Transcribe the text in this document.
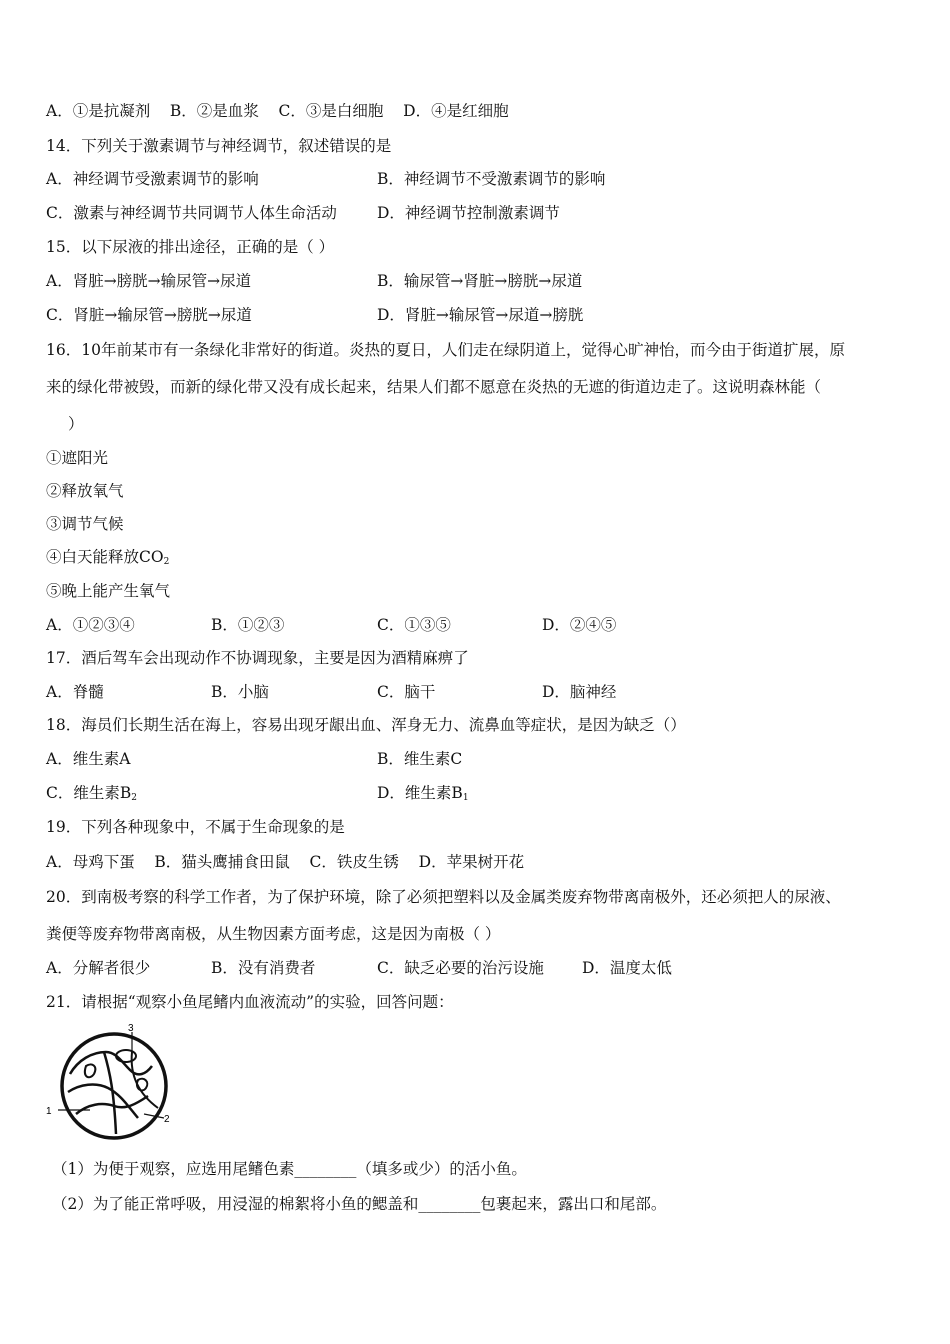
A．①是抗凝剂 B．②是血浆 C．③是白细胞 D．④是红细胞
14．下列关于激素调节与神经调节，叙述错误的是
A．神经调节受激素调节的影响	B．神经调节不受激素调节的影响
C．激素与神经调节共同调节人体生命活动	D．神经调节控制激素调节
15．以下尿液的排出途径，正确的是（ ）
A．肾脏→膀胱→输尿管→尿道	B．输尿管→肾脏→膀胱→尿道
C．肾脏→输尿管→膀胱→尿道	D．肾脏→输尿管→尿道→膀胱
16．10年前某市有一条绿化非常好的街道。炎热的夏日，人们走在绿阴道上，觉得心旷神怡，而今由于街道扩展，原
来的绿化带被毁，而新的绿化带又没有成长起来，结果人们都不愿意在炎热的无遮的街道边走了。这说明森林能（
）
①遮阳光
②释放氧气
③调节气候
④白天能释放$CO_2$
⑤晚上能产生氧气
A．①②③④	B．①②③	C．①③⑤	D．②④⑤
17．酒后驾车会出现动作不协调现象，主要是因为酒精麻痹了
A．脊髓	B．小脑	C．脑干	D．脑神经
18．海员们长期生活在海上，容易出现牙龈出血、浑身无力、流鼻血等症状，是因为缺乏（）
A．维生素A	B．维生素C
C．维生素$B_2$	D．维生素$B_1$
19．下列各种现象中，不属于生命现象的是
A．母鸡下蛋 B．猫头鹰捕食田鼠 C．铁皮生锈 D．苹果树开花
20．到南极考察的科学工作者，为了保护环境，除了必须把塑料以及金属类废弃物带离南极外，还必须把人的尿液、
粪便等废弃物带离南极，从生物因素方面考虑，这是因为南极（ ）
A．分解者很少	B．没有消费者	C．缺乏必要的治污设施 D．温度太低
21．请根据“观察小鱼尾鳍内血液流动”的实验，回答问题：
1
2
3
（1）为便于观察，应选用尾鳍色素________（填多或少）的活小鱼。
（2）为了能正常呼吸，用浸湿的棉絮将小鱼的鳃盖和________包裹起来，露出口和尾部。
